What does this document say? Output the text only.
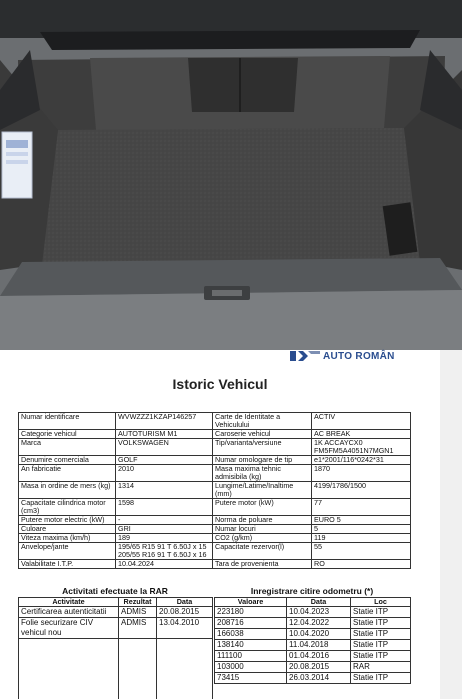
AUTO ROMÂN
Istoric Vehicul
Numar identificare	WVWZZZ1KZAP146257	Carte de Identitate a Vehiculului	ACTIV
Categorie vehicul	AUTOTURISM M1	Caroserie vehicul	AC BREAK
Marca	VOLKSWAGEN	Tip/varianta/versiune	1K ACCAYCX0 FM5FM5A4051N7MGN1
Denumire comerciala	GOLF	Numar omologare de tip	e1*2001/116*0242*31
An fabricatie	2010	Masa maxima tehnic admisibila (kg)	1870
Masa in ordine de mers (kg)	1314	Lungime/Latime/Inaltime (mm)	4199/1786/1500
Capacitate cilindrica motor (cm3)	1598	Putere motor (kW)	77
Putere motor electric (kW)	-	Norma de poluare	EURO 5
Culoare	GRI	Numar locuri	5
Viteza maxima (km/h)	189	CO2 (g/km)	119
Anvelope/jante	195/65 R15 91 T 6.50J x 15 205/55 R16 91 T 6.50J x 16	Capacitate rezervor(l)	55
Valabilitate I.T.P.	10.04.2024	Tara de provenienta	RO
Activitati efectuate la RAR
Activitate	Rezultat	Data
Certificarea autenticitatii	ADMIS	20.08.2015
Folie securizare CIV vehicul nou	ADMIS	13.04.2010

Inregistrare citire odometru (*)
Valoare	Data	Loc
223180	10.04.2023	Statie ITP
208716	12.04.2022	Statie ITP
166038	10.04.2020	Statie ITP
138140	11.04.2018	Statie ITP
111100	01.04.2016	Statie ITP
103000	20.08.2015	RAR
73415	26.03.2014	Statie ITP
